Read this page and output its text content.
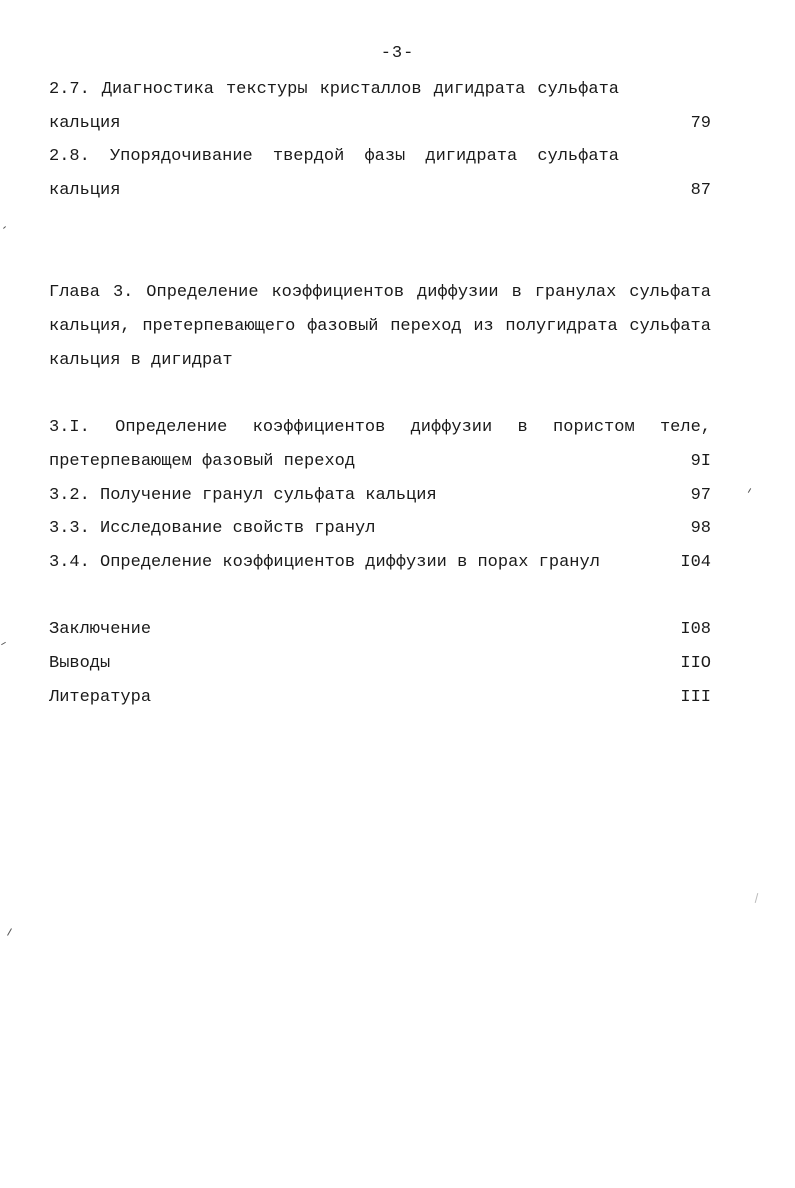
-3-
2.7. Диагностика текстуры кристаллов дигидрата сульфата
кальция	79
2.8. Упорядочивание твердой фазы дигидрата сульфата
кальция	87
Глава 3. Определение коэффициентов диффузии в гранулах сульфата
кальция, претерпевающего фазовый переход из полугидрата сульфата
кальция в дигидрат
3.I. Определение коэффициентов диффузии в пористом теле,
претерпевающем фазовый переход	9I
3.2. Получение гранул сульфата кальция	97
3.3. Исследование свойств гранул	98
3.4. Определение коэффициентов диффузии в порах гранул	I04
Заключение	I08
Выводы	IIO
Литература	III
